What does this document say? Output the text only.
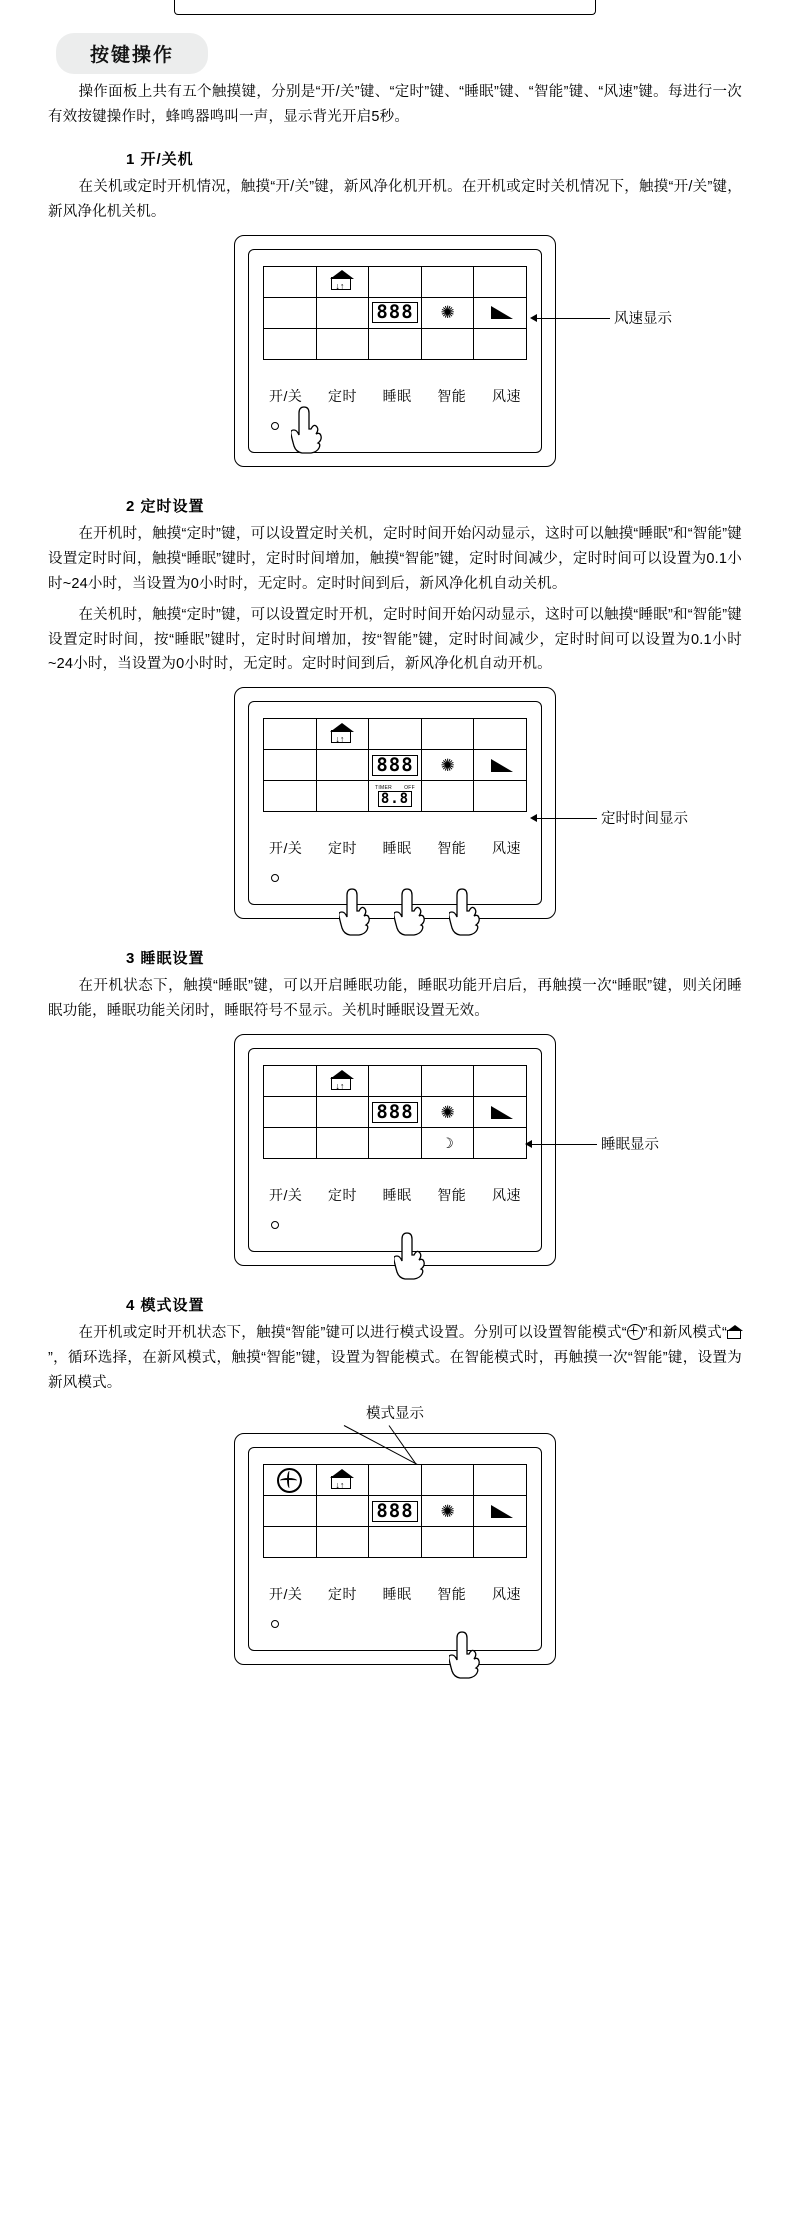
按键操作

操作面板上共有五个触摸键，分别是“开/关”键、“定时”键、“睡眠”键、“智能”键、“风速”键。每进行一次有效按键操作时，蜂鸣器鸣叫一声，显示背光开启5秒。

1 开/关机

在关机或定时开机情况，触摸“开/关”键，新风净化机开机。在开机或定时关机情况下，触摸“开/关”键，新风净化机关机。

↓↑
888 ✺
开/关 定时 睡眠 智能 风速
风速显示
2 定时设置

在开机时，触摸“定时”键，可以设置定时关机，定时时间开始闪动显示，这时可以触摸“睡眠”和“智能”键设置定时时间，触摸“睡眠”键时，定时时间增加，触摸“智能”键，定时时间减少，定时时间可以设置为0.1小时~24小时，当设置为0小时时，无定时。定时时间到后，新风净化机自动关机。

在关机时，触摸“定时”键，可以设置定时开机，定时时间开始闪动显示，这时可以触摸“睡眠”和“智能”键设置定时时间，按“睡眠”键时，定时时间增加，按“智能”键，定时时间减少，定时时间可以设置为0.1小时~24小时，当设置为0小时时，无定时。定时时间到后，新风净化机自动开机。

↓↑
888 ✺
TIMER OFF
8.8
开/关 定时 睡眠 智能 风速
定时时间显示
3 睡眠设置

在开机状态下，触摸“睡眠”键，可以开启睡眠功能，睡眠功能开启后，再触摸一次“睡眠”键，则关闭睡眠功能，睡眠功能关闭时，睡眠符号不显示。关机时睡眠设置无效。

↓↑
888 ✺
☽
开/关 定时 睡眠 智能 风速
睡眠显示
4 模式设置

在开机或定时开机状态下，触摸“智能”键可以进行模式设置。分别可以设置智能模式“ ”和新风模式“”，循环选择，在新风模式，触摸“智能”键，设置为智能模式。在智能模式时，再触摸一次“智能”键，设置为新风模式。

模式显示
↓↑
888 ✺
开/关 定时 睡眠 智能 风速
